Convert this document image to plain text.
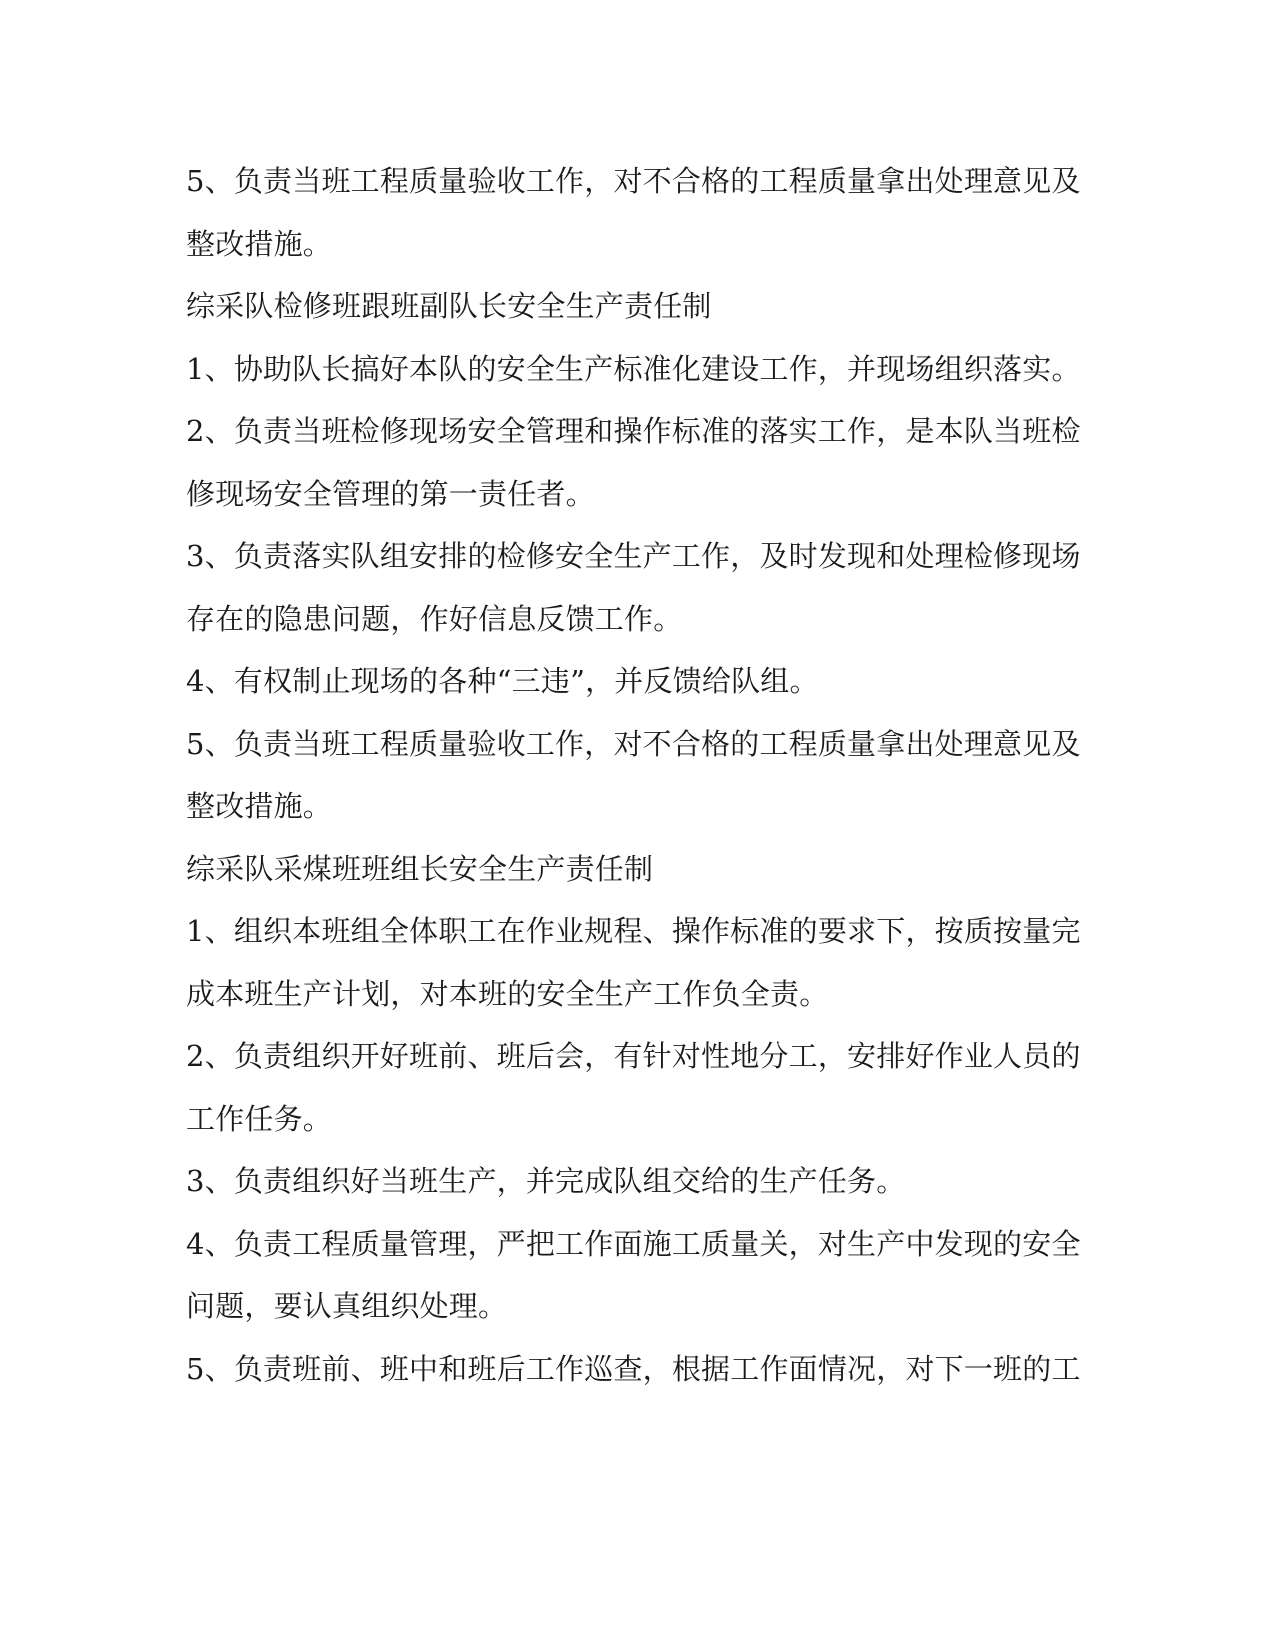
5、负责当班工程质量验收工作，对不合格的工程质量拿出处理意见及

整改措施。

综采队检修班跟班副队长安全生产责任制

1、协助队长搞好本队的安全生产标准化建设工作，并现场组织落实。

2、负责当班检修现场安全管理和操作标准的落实工作，是本队当班检

修现场安全管理的第一责任者。

3、负责落实队组安排的检修安全生产工作，及时发现和处理检修现场

存在的隐患问题，作好信息反馈工作。

4、有权制止现场的各种“三违”，并反馈给队组。

5、负责当班工程质量验收工作，对不合格的工程质量拿出处理意见及

整改措施。

综采队采煤班班组长安全生产责任制

1、组织本班组全体职工在作业规程、操作标准的要求下，按质按量完

成本班生产计划，对本班的安全生产工作负全责。

2、负责组织开好班前、班后会，有针对性地分工，安排好作业人员的

工作任务。

3、负责组织好当班生产，并完成队组交给的生产任务。

4、负责工程质量管理，严把工作面施工质量关，对生产中发现的安全

问题，要认真组织处理。

5、负责班前、班中和班后工作巡查，根据工作面情况，对下一班的工
